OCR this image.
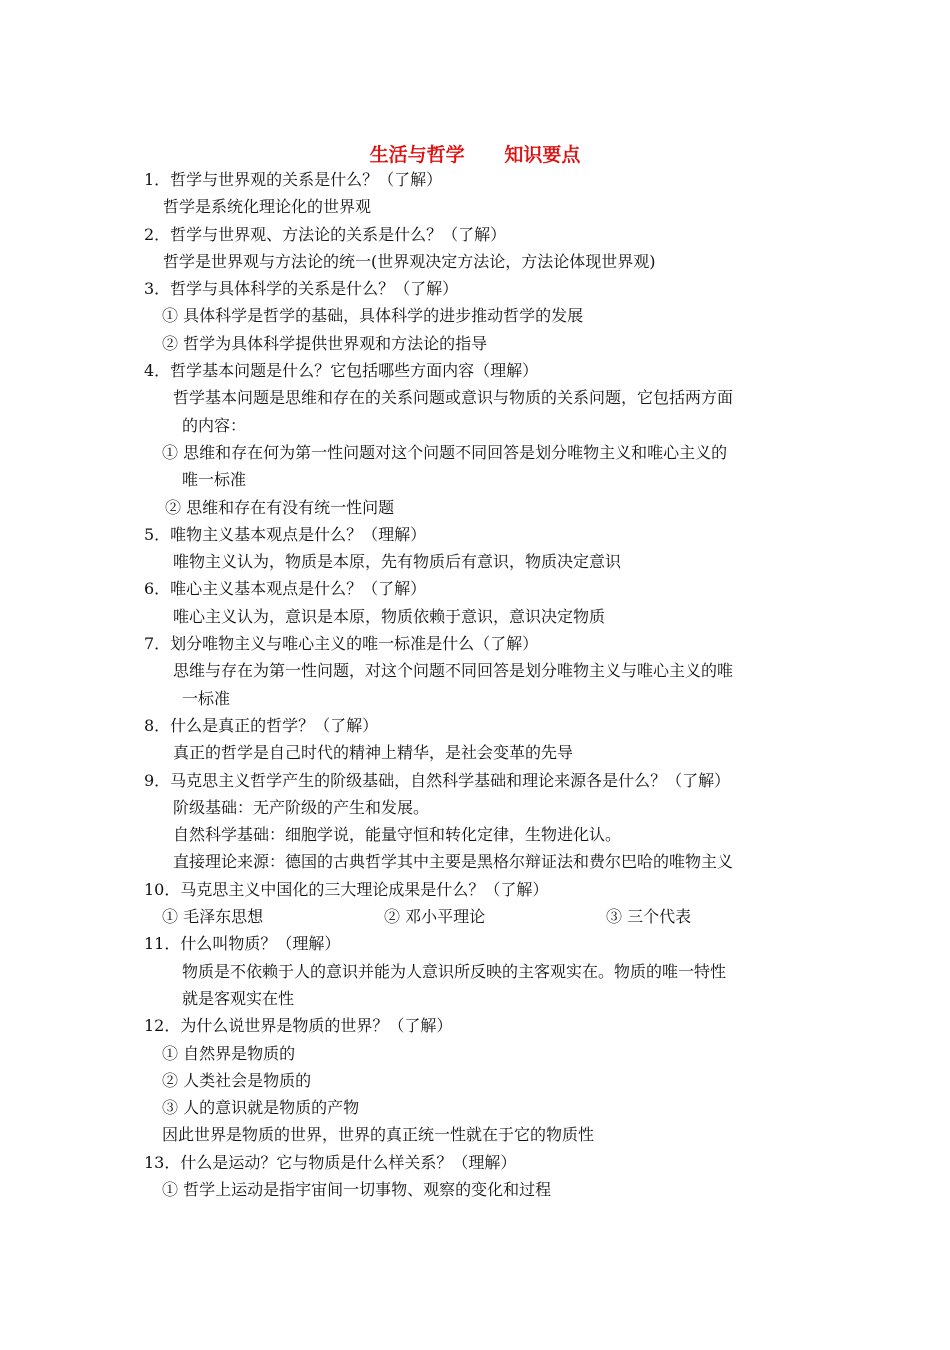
生活与哲学      知识要点
1．哲学与世界观的关系是什么？（了解）
哲学是系统化理论化的世界观
2．哲学与世界观、方法论的关系是什么？（了解）
哲学是世界观与方法论的统一(世界观决定方法论，方法论体现世界观)
3．哲学与具体科学的关系是什么？（了解）
① 具体科学是哲学的基础，具体科学的进步推动哲学的发展
② 哲学为具体科学提供世界观和方法论的指导
4．哲学基本问题是什么？它包括哪些方面内容（理解）
哲学基本问题是思维和存在的关系问题或意识与物质的关系问题，它包括两方面
的内容：
① 思维和存在何为第一性问题对这个问题不同回答是划分唯物主义和唯心主义的
唯一标准
② 思维和存在有没有统一性问题
5．唯物主义基本观点是什么？（理解）
唯物主义认为，物质是本原，先有物质后有意识，物质决定意识
6．唯心主义基本观点是什么？（了解）
唯心主义认为，意识是本原，物质依赖于意识，意识决定物质
7．划分唯物主义与唯心主义的唯一标准是什么（了解）
思维与存在为第一性问题，对这个问题不同回答是划分唯物主义与唯心主义的唯
一标准
8．什么是真正的哲学？（了解）
真正的哲学是自己时代的精神上精华，是社会变革的先导
9．马克思主义哲学产生的阶级基础，自然科学基础和理论来源各是什么？（了解）
阶级基础：无产阶级的产生和发展。
自然科学基础：细胞学说，能量守恒和转化定律，生物进化认。
直接理论来源：德国的古典哲学其中主要是黑格尔辩证法和费尔巴哈的唯物主义
10．马克思主义中国化的三大理论成果是什么？（了解）
① 毛泽东思想	② 邓小平理论	③ 三个代表
11．什么叫物质？（理解）
物质是不依赖于人的意识并能为人意识所反映的主客观实在。物质的唯一特性
就是客观实在性
12．为什么说世界是物质的世界？（了解）
① 自然界是物质的
② 人类社会是物质的
③ 人的意识就是物质的产物
因此世界是物质的世界，世界的真正统一性就在于它的物质性
13．什么是运动？它与物质是什么样关系？（理解）
① 哲学上运动是指宇宙间一切事物、观察的变化和过程
